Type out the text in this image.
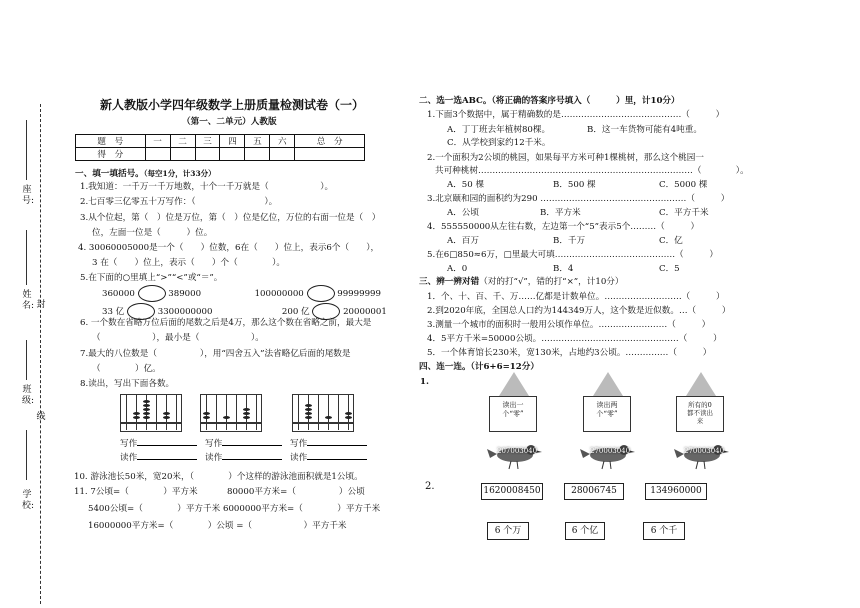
座号:
封
姓名:
班级:
线
学校:
新人教版小学四年级数学上册质量检测试卷（一）
（第一、二单元）人教版
题　号	一	二	三	四	五	六	总　分
得　分							
一、填一填括号。（每空1分，计33分）
1.我知道：一千万一千万地数，十个一千万就是（　　　　　　）。
2.七百零三亿零五十万写作：（　　　　　　　　）。
3.从个位起，第（　）位是万位，第（　）位是亿位，万位的右面一位是（　）
位，左面一位是（　　　）位。
4. 30060005000是一个（　　）位数，6在（　　）位上，表示6个（　　），
3 在（　　）位上，表示（　　）个（　　　　）。
5.在下面的○里填上“>”“<”或“＝”。
360000	389000	100000000	99999999
33 亿	3300000000	200 亿	20000001
6. 一个数在省略万位后面的尾数之后是4万，那么这个数在省略之前，最大是
（　　　　　　），最小是（　　　　　　）。
7.最大的八位数是（　　　　　），用“四舍五入”法省略亿后面的尾数是
（　　　　）亿。
8.读出，写出下面各数。
写作
读作
写作
读作
写作
读作
10. 游泳池长50米，宽20米，（　　　　）个这样的游泳池面积就是1公顷。
11. 7公顷=（　　　　）平方米	80000平方米=（　　　　　）公顷
5400公顷=（　　　　）平方千米 6000000平方米=（　　　　）平方千米
16000000平方米=（　　　　）公顷 =（　　　　　　）平方千米
二、选一选ABC。（将正确的答案序号填入（　　　）里，计10分）
1.下面3个数据中，属于精确数的是……………………………………（　　　）
A．丁丁班去年植树80棵。	B．这一车货物可能有4吨重。
C．从学校到家约12千米。
2.一个面积为2公顷的桃园，如果每平方米可种1棵桃树，那么这个桃园一
共可种桃树…………………………………………………………………（　　　　）。
A．50 棵	B．500 棵	C．5000 棵
3.北京颐和园的面积约为290 ……………………………………………（　　　）
A．公顷	B．平方米	C．平方千米
4．555550000从左往右数，左边第一个“5”表示5个………（　　　）
A．百万	B．千万	C．亿
5.在6□850≈6万，□里最大可填……………………………………（　　　）
A．0	B．4	C．5
三、辨一辨对错（对的打“√”，错的打“×”，计10分）
1．个、十、百、千、万……亿都是计数单位。………………………（　　　）
2.到2020年底，全国总人口约为144349万人，这个数是近似数。…（　　　）
3.测量一个城市的面积时一般用公顷作单位。……………………（　　　）
4．5平方千米=50000公顷。…………………………………………（　　　）
5．一个体育馆长230米，宽130米，占地约3公顷。……………（　　　）
四、连一连。（计6+6=12分）
1.
读出一
个“零”
读出两
个“零”
所有的0
都不读出
来
207003040	270003040	270003040
2.	1620008450	28006745	134960000
6 个万	6 个亿	6 个千
